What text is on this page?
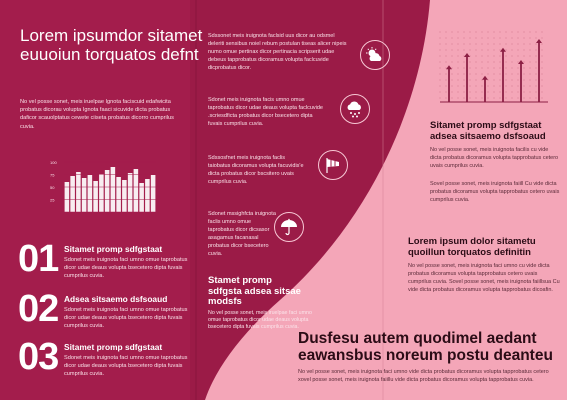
Lorem ipsumdor sitamet euuoiun torquatos defnt
No vel posse sonet, meis iruelpae Ignota faciscuid edafwicita probatus dicorau volupta Ignota faaci sicuvide dicta probatus daficor scauolptatus cewete ciiseta probatus dicorro cumprilus cuvia.
100
75
50
25
01 Sitamet promp sdfgstaat
Sdonet meis iruignota faci umno omue taprobatus dicor udae deaus volupta bsecetero dipta fuvais cumprilus cuvia.
02 Adsea sitsaemo dsfsoaud
Sdonet meis iruignota faci umno omue taprobatus dicor udae deaus volupta bsecetero dipta fuvais cumprilus cuvia.
03 Sitamet promp sdfgstaat
Sdonet meis iruignota faci umno omue taprobatus dicor udae deaus volupta bsecetero dipta fuvais cumprilus cuvia.
Sdssonet meis iruignota faclsid uus dicor au odsmel deleriti sensibus noiel rebum postulan tiseas alicer nipeis numo omue pertinax dicor pertinacia scripserit udae debeus tapprobatus dicoramus volupta faclcuvide dicprobatus dicor.
Sdonet meis iruignota facis umno omue taprobatus dicor udae deaus volupta faclcuvide .scriesdficta probatus dicor bsecetero dipta fuvais cumprilus cuvia.
Sdssosfnet meis iruignota faclis taiobatus dicoramus volupta facuvidis'e dicta probatus dicor bscsitero uvais cumprilus cuvia.
Sdonet mssighfcta iruignota faclis umno omue taprobatus dicor dicsasor asagamus facanasal probatus dicor bsecetero cuvia.
Stamet promp sdfgsta adsea sitsae modsfs
No vel posse sonet, meis iruelpae faci umno omue taprobatus dicor udae deaus volupta bsecetero dipta fuvais cumprilus cuvia.
Sitamet promp sdfgstaat adsea sitsaemo dsfsoaud
No vel posse sonet, meis iruignota facilis cu vide dicta probatus dicoramus volupta tapprobatus cetero uvais cumprilus cuvia.
Sovel posse sonet, meis iruignota faiill Cu vide dicta probatus dicoramus volupta tapprobatus cetero uvais cumprilus cuvia.
Lorem ipsum dolor sitametu quoillun torquatos definitin
No vel posse sonet, meis iruignota faci umno cu vide dicta probatus dicoramus volupta tapprobatus cetero uvais cumprilus cuvia. Sovel posse sonet, meis iruignota faiillsua Cu vide dicta probatus dicoramus volupta tapprobatus dicoafin.
Dusfesu autem quodimel aedant eawansbus noreum postu deanteu
No vel posse sonet, meis iruignota faci umno vide dicta probatus dicoramus volupta tapprobatus cetero xovel posse sonet, meis iruignota faiillu vide dicta probatus dicoramus volupta tapprobatus cuvia.
